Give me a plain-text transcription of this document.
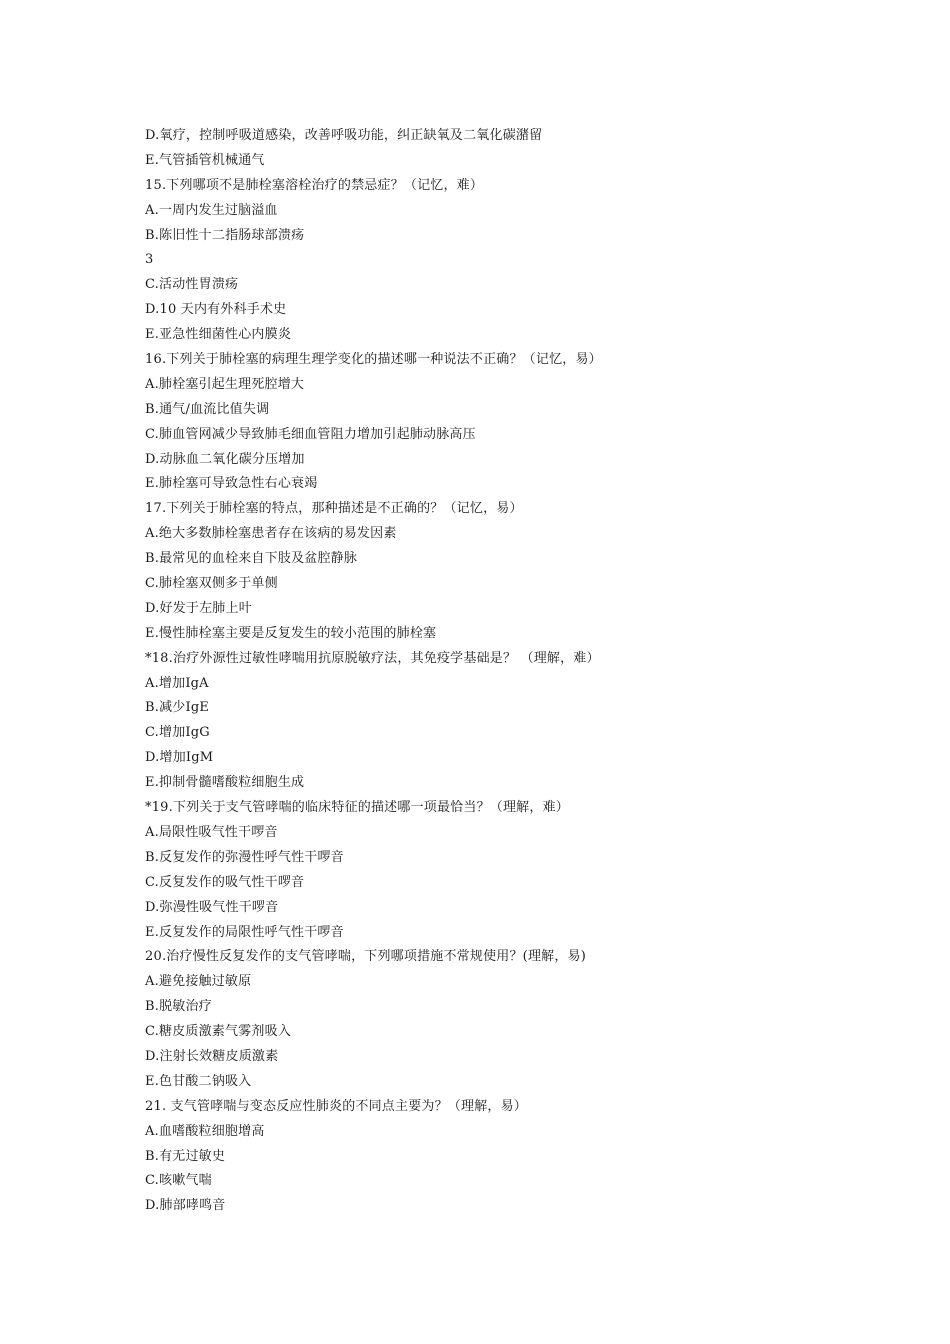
D.氧疗，控制呼吸道感染，改善呼吸功能，纠正缺氧及二氧化碳潴留
E.气管插管机械通气
15.下列哪项不是肺栓塞溶栓治疗的禁忌症？（记忆，难）
A.一周内发生过脑溢血
B.陈旧性十二指肠球部溃疡
3
C.活动性胃溃疡
D.10 天内有外科手术史
E.亚急性细菌性心内膜炎
16.下列关于肺栓塞的病理生理学变化的描述哪一种说法不正确？（记忆，易）
A.肺栓塞引起生理死腔增大
B.通气/血流比值失调
C.肺血管网减少导致肺毛细血管阻力增加引起肺动脉高压
D.动脉血二氧化碳分压增加
E.肺栓塞可导致急性右心衰竭
17.下列关于肺栓塞的特点，那种描述是不正确的？（记忆，易）
A.绝大多数肺栓塞患者存在该病的易发因素
B.最常见的血栓来自下肢及盆腔静脉
C.肺栓塞双侧多于单侧
D.好发于左肺上叶
E.慢性肺栓塞主要是反复发生的较小范围的肺栓塞
*18.治疗外源性过敏性哮喘用抗原脱敏疗法，其免疫学基础是？ （理解，难）
A.增加IgA
B.减少IgE
C.增加IgG
D.增加IgM
E.抑制骨髓嗜酸粒细胞生成
*19.下列关于支气管哮喘的临床特征的描述哪一项最恰当？（理解，难）
A.局限性吸气性干啰音
B.反复发作的弥漫性呼气性干啰音
C.反复发作的吸气性干啰音
D.弥漫性吸气性干啰音
E.反复发作的局限性呼气性干啰音
20.治疗慢性反复发作的支气管哮喘，下列哪项措施不常规使用？(理解，易)
A.避免接触过敏原
B.脱敏治疗
C.糖皮质激素气雾剂吸入
D.注射长效糖皮质激素
E.色甘酸二钠吸入
21. 支气管哮喘与变态反应性肺炎的不同点主要为？（理解，易）
A.血嗜酸粒细胞增高
B.有无过敏史
C.咳嗽气喘
D.肺部哮鸣音
